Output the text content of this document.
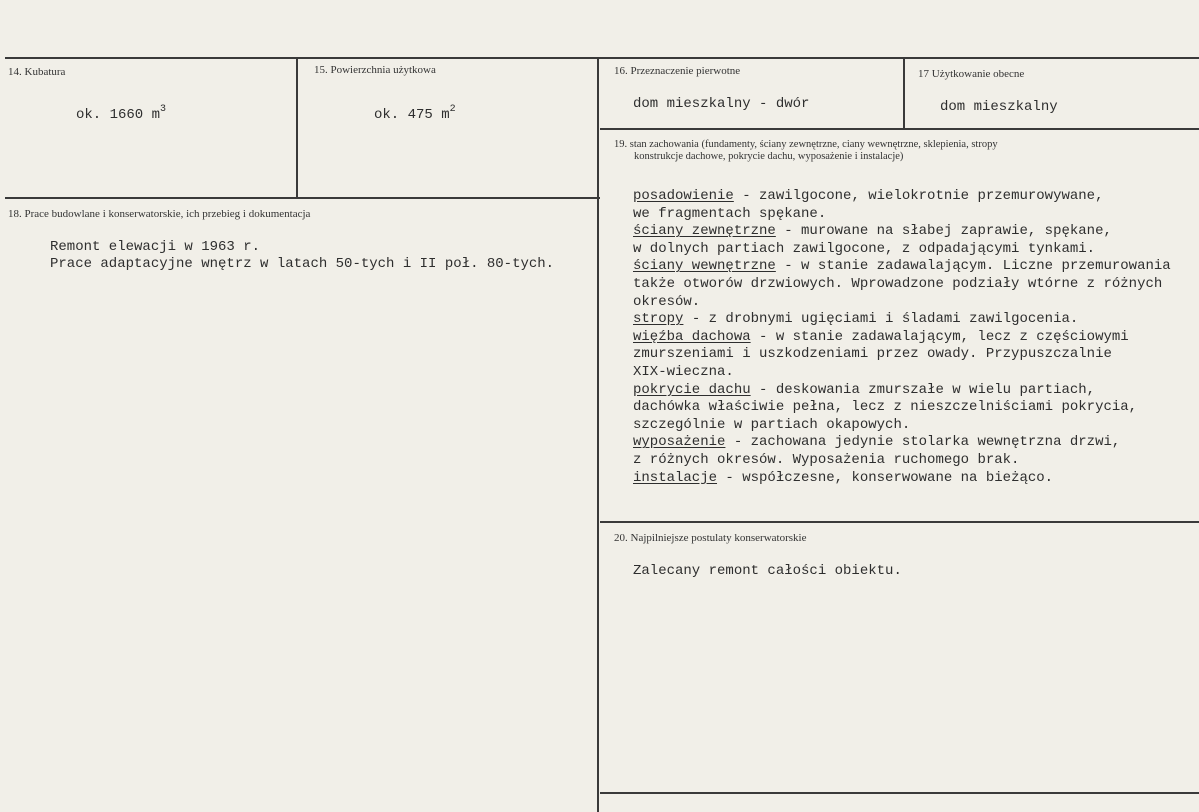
14. Kubatura
ok. 1660 $m^3$
15. Powierzchnia użytkowa
ok. 475 $m^2$
16. Przeznaczenie pierwotne
dom mieszkalny - dwór
17 Użytkowanie obecne
dom mieszkalny
18. Prace budowlane i konserwatorskie, ich przebieg i dokumentacja
Remont elewacji w 1963 r.
Prace adaptacyjne wnętrz w latach 50-tych i II poł. 80-tych.
19. stan zachowania (fundamenty, ściany zewnętrzne, ciany wewnętrzne, sklepienia, stropy
konstrukcje dachowe, pokrycie dachu, wyposażenie i instalacje)
posadowienie - zawilgocone, wielokrotnie przemurowywane,
we fragmentach spękane.
ściany zewnętrzne - murowane na słabej zaprawie, spękane,
w dolnych partiach zawilgocone, z odpadającymi tynkami.
ściany wewnętrzne - w stanie zadawalającym. Liczne przemurowania
także otworów drzwiowych. Wprowadzone podziały wtórne z różnych
okresów.
stropy - z drobnymi ugięciami i śladami zawilgocenia.
więźba dachowa - w stanie zadawalającym, lecz z częściowymi
zmurszeniami i uszkodzeniami przez owady. Przypuszczalnie
XIX-wieczna.
pokrycie dachu - deskowania zmurszałe w wielu partiach,
dachówka właściwie pełna, lecz z nieszczelniściami pokrycia,
szczególnie w partiach okapowych.
wyposażenie - zachowana jedynie stolarka wewnętrzna drzwi,
z różnych okresów. Wyposażenia ruchomego brak.
instalacje - współczesne, konserwowane na bieżąco.
20. Najpilniejsze postulaty konserwatorskie
Zalecany remont całości obiektu.
